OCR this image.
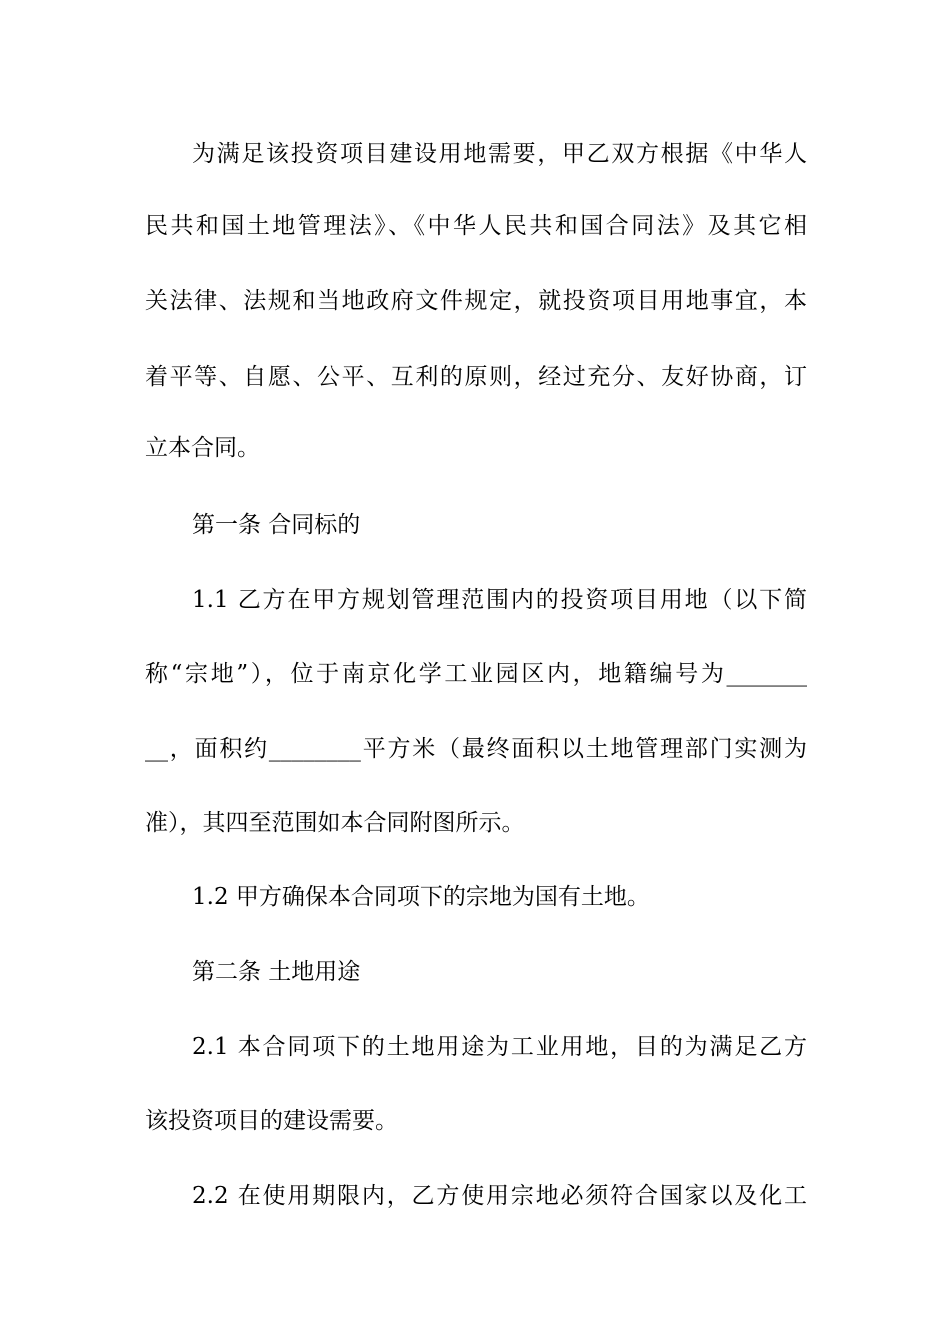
为满足该投资项目建设用地需要，甲乙双方根据《中华人
民共和国土地管理法》、《中华人民共和国合同法》及其它相
关法律、法规和当地政府文件规定，就投资项目用地事宜，本
着平等、自愿、公平、互利的原则，经过充分、友好协商，订
立本合同。
第一条 合同标的
1.1 乙方在甲方规划管理范围内的投资项目用地（以下简
称“宗地”），位于南京化学工业园区内，地籍编号为_______
__，面积约________平方米（最终面积以土地管理部门实测为
准），其四至范围如本合同附图所示。
1.2 甲方确保本合同项下的宗地为国有土地。
第二条 土地用途
2.1 本合同项下的土地用途为工业用地，目的为满足乙方
该投资项目的建设需要。
2.2 在使用期限内，乙方使用宗地必须符合国家以及化工
